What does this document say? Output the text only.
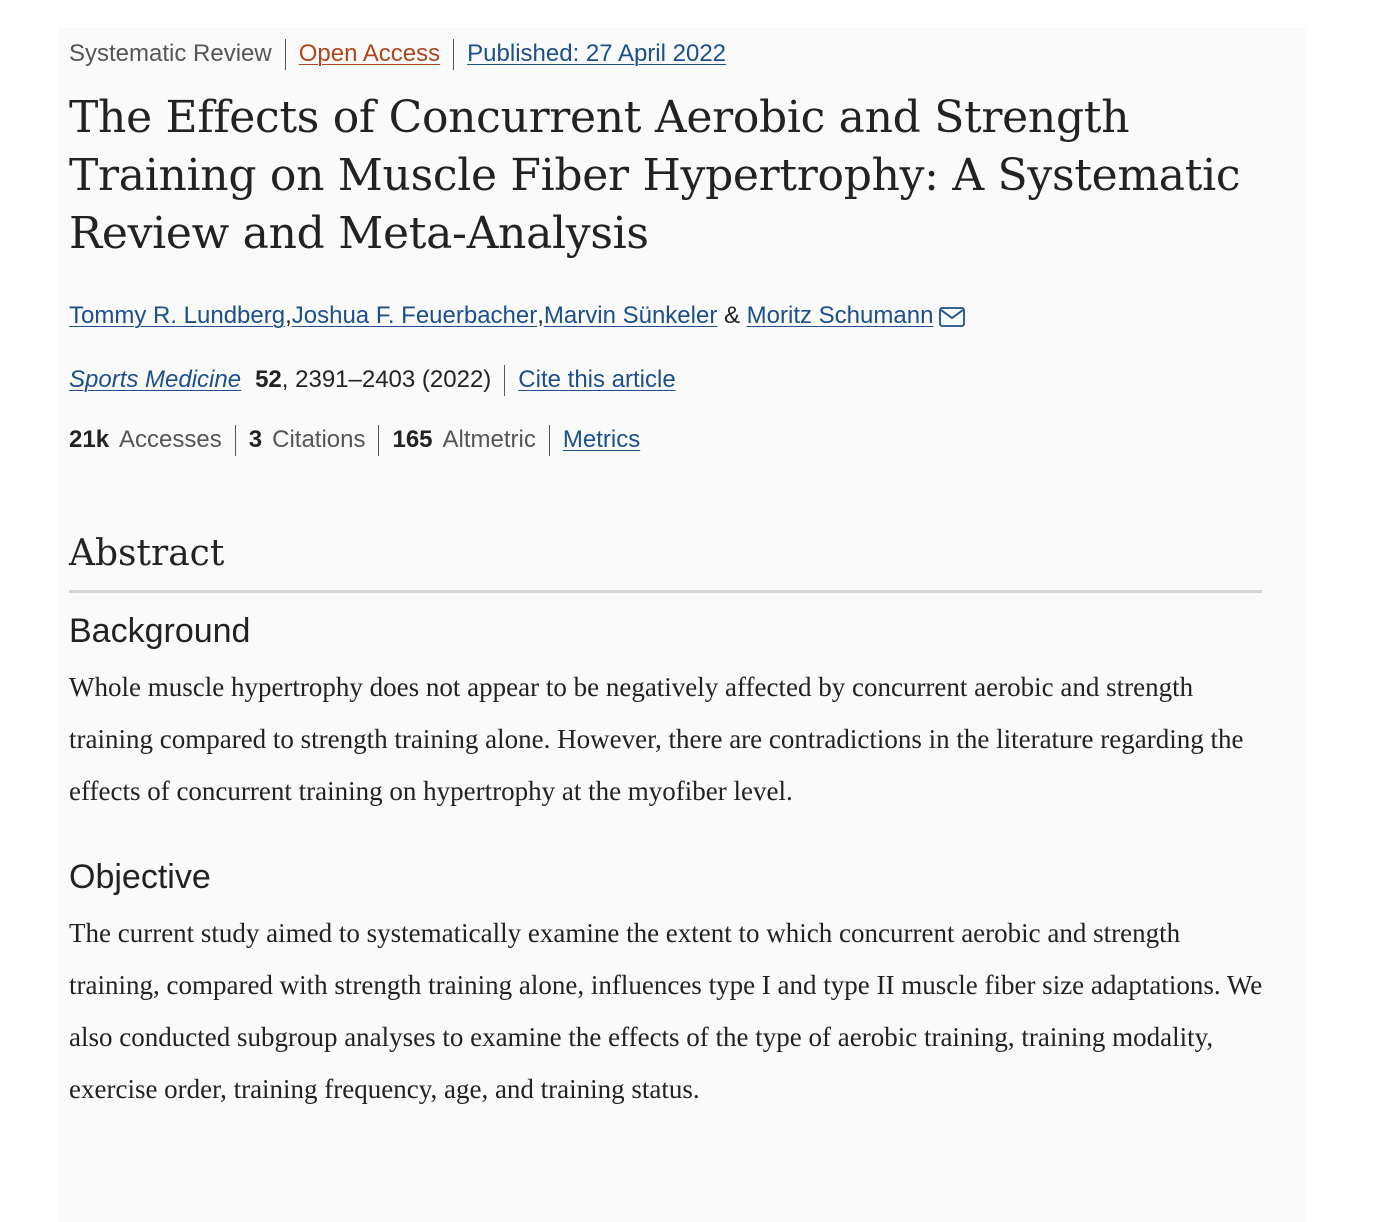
Systematic Review Open Access Published: 27 April 2022
The Effects of Concurrent Aerobic and Strength Training on Muscle Fiber Hypertrophy: A Systematic Review and Meta-Analysis
Tommy R. Lundberg , Joshua F. Feuerbacher , Marvin Sünkeler & Moritz Schumann
Sports Medicine 52 , 2391–2403 (2022) Cite this article
21k Accesses 3 Citations 165 Altmetric Metrics
Abstract
Background

Whole muscle hypertrophy does not appear to be negatively affected by concurrent aerobic and strength training compared to strength training alone. However, there are contradictions in the literature regarding the effects of concurrent training on hypertrophy at the myofiber level.

Objective

The current study aimed to systematically examine the extent to which concurrent aerobic and strength training, compared with strength training alone, influences type I and type II muscle fiber size adaptations. We also conducted subgroup analyses to examine the effects of the type of aerobic training, training modality, exercise order, training frequency, age, and training status.
